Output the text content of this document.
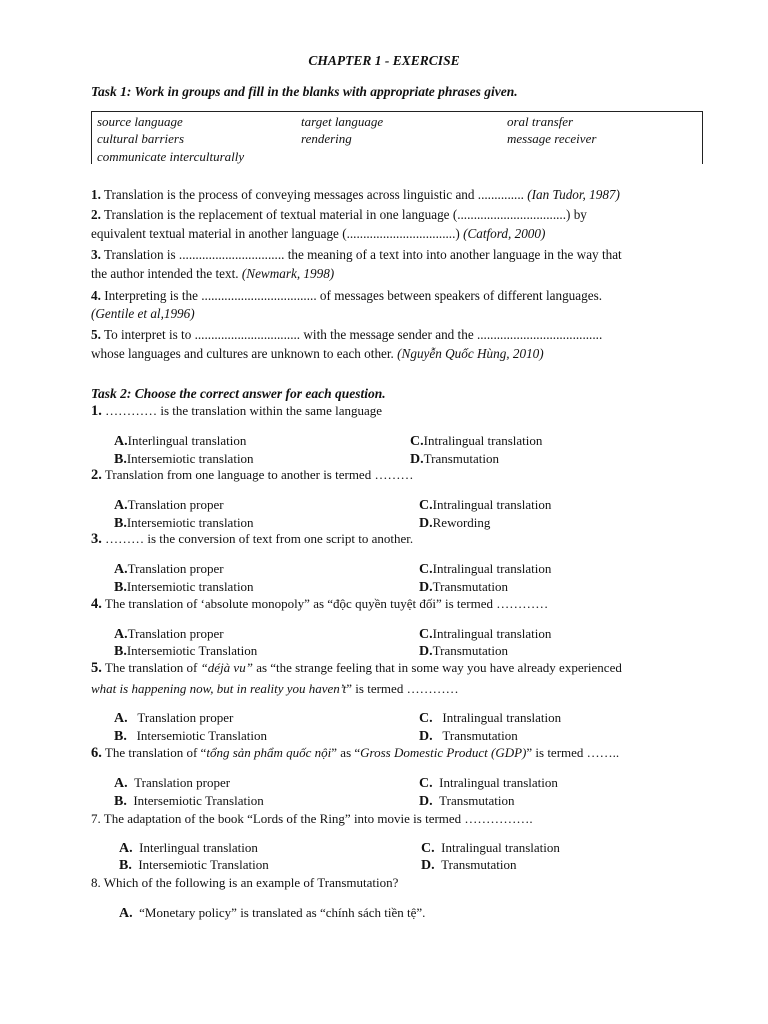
CHAPTER 1 - EXERCISE
Task 1: Work in groups and fill in the blanks with appropriate phrases given.
source language	target language	oral transfer
cultural barriers	rendering	message receiver
communicate interculturally
1. Translation is the process of conveying messages across linguistic and .............. (Ian Tudor, 1987)
2. Translation is the replacement of textual material in one language (.................................) by
equivalent textual material in another language (.................................) (Catford, 2000)
3. Translation is ................................ the meaning of a text into into another language in the way that
the author intended the text. (Newmark, 1998)
4. Interpreting is the ................................... of messages between speakers of different languages.
(Gentile et al,1996)
5. To interpret is to ................................ with the message sender and the ......................................
whose languages and cultures are unknown to each other. (Nguyễn Quốc Hùng, 2010)
Task 2: Choose the correct answer for each question.
1. ………… is the translation within the same language
A.Interlingual translation
B.Intersemiotic translation
C.Intralingual translation
D.Transmutation
2. Translation from one language to another is termed ………
A.Translation proper
B.Intersemiotic translation
C.Intralingual translation
D.Rewording
3. ……… is the conversion of text from one script to another.
A.Translation proper
B.Intersemiotic translation
C.Intralingual translation
D.Transmutation
4. The translation of ‘absolute monopoly” as “độc quyền tuyệt đối” is termed …………
A.Translation proper
B.Intersemiotic Translation
C.Intralingual translation
D.Transmutation
5. The translation of “déjà vu” as “the strange feeling that in some way you have already experienced
what is happening now, but in reality you haven’t” is termed …………
A. Translation proper
B. Intersemiotic Translation
C. Intralingual translation
D. Transmutation
6. The translation of “tổng sản phẩm quốc nội” as “Gross Domestic Product (GDP)” is termed ……..
A. Translation proper
B. Intersemiotic Translation
C. Intralingual translation
D. Transmutation
7. The adaptation of the book “Lords of the Ring” into movie is termed …………….
A. Interlingual translation
B. Intersemiotic Translation
C. Intralingual translation
D. Transmutation
8. Which of the following is an example of Transmutation?
A. “Monetary policy” is translated as “chính sách tiền tệ”.
